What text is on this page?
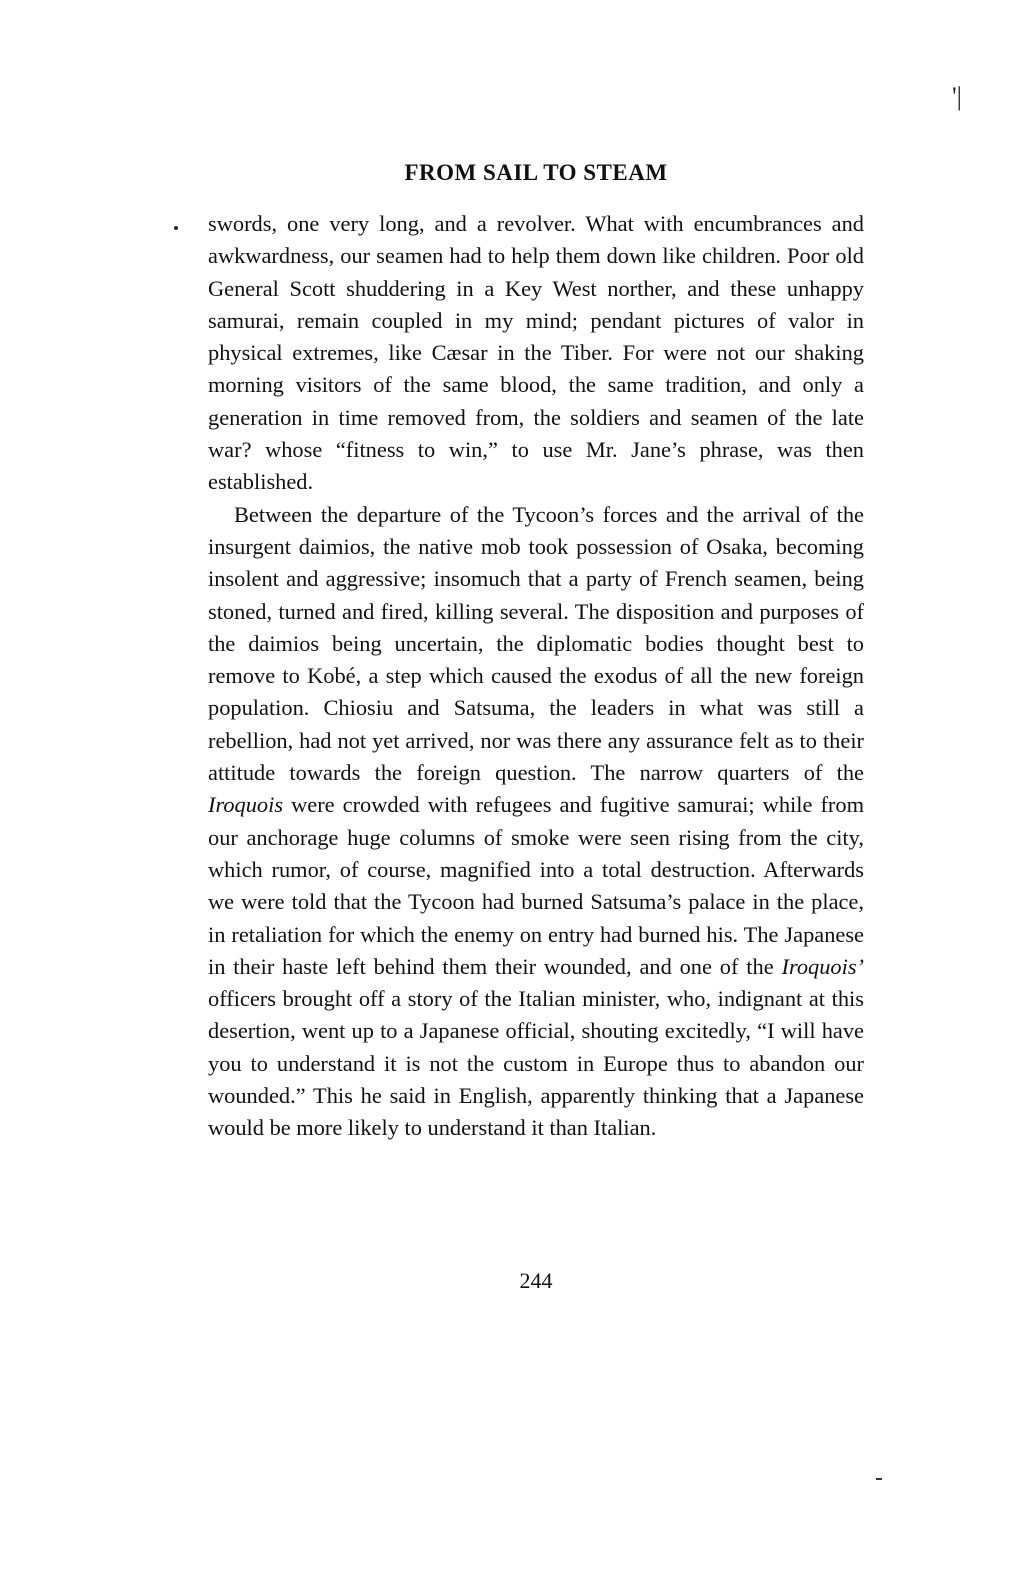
'|
FROM SAIL TO STEAM

swords, one very long, and a revolver. What with encumbrances and awkwardness, our seamen had to help them down like children. Poor old General Scott shuddering in a Key West norther, and these unhappy samurai, remain coupled in my mind; pendant pictures of valor in physical extremes, like Cæsar in the Tiber. For were not our shaking morning visitors of the same blood, the same tradition, and only a generation in time removed from, the soldiers and seamen of the late war? whose “fitness to win,” to use Mr. Jane’s phrase, was then established.

Between the departure of the Tycoon’s forces and the arrival of the insurgent daimios, the native mob took possession of Osaka, becoming insolent and aggressive; insomuch that a party of French seamen, being stoned, turned and fired, killing several. The disposition and purposes of the daimios being uncertain, the diplomatic bodies thought best to remove to Kobé, a step which caused the exodus of all the new foreign population. Chiosiu and Satsuma, the leaders in what was still a rebellion, had not yet arrived, nor was there any assurance felt as to their attitude towards the foreign question. The narrow quarters of the Iroquois were crowded with refugees and fugitive samurai; while from our anchorage huge columns of smoke were seen rising from the city, which rumor, of course, magnified into a total destruction. Afterwards we were told that the Tycoon had burned Satsuma’s palace in the place, in retaliation for which the enemy on entry had burned his. The Japanese in their haste left behind them their wounded, and one of the Iroquois’ officers brought off a story of the Italian minister, who, indignant at this desertion, went up to a Japanese official, shouting excitedly, “I will have you to understand it is not the custom in Europe thus to abandon our wounded.” This he said in English, apparently thinking that a Japanese would be more likely to understand it than Italian.

244
